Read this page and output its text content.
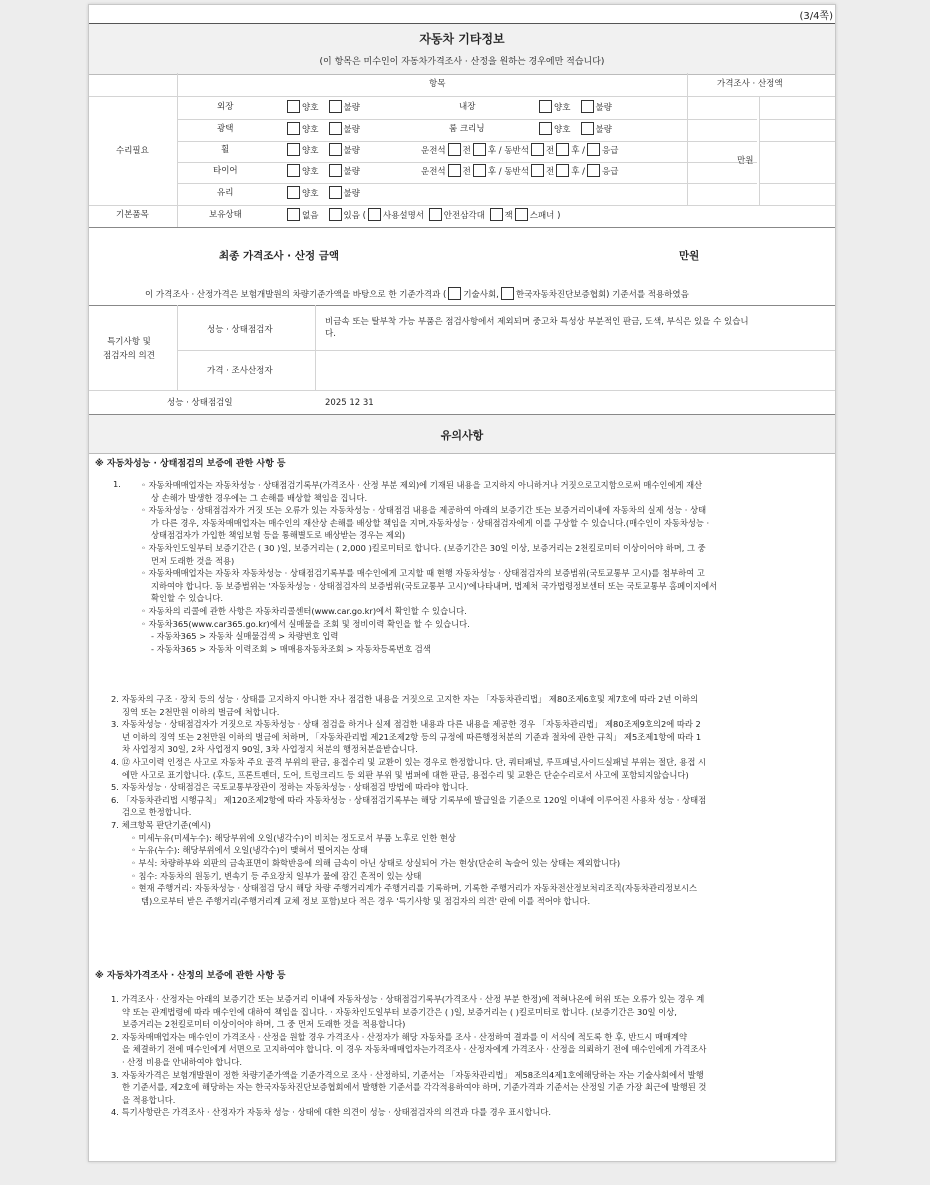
(3/4쪽)
자동차 기타정보
(이 항목은 미수인이 자동차가격조사 · 산정을 원하는 경우에만 적습니다)
항목	가격조사 · 산정액
수리필요
기본품목
외장	양호	불량	내장	양호	불량
광택	양호	불량	룸 크리닝	양호	불량
휠	양호	불량	운전석 전 후 / 동반석 전 후 / 응급
타이어	양호	불량	운전석 전 후 / 동반석 전 후 / 응급
유리	양호	불량
만원
보유상태	없음	있음 ( 사용설명서 안전삼각대 잭 스패너 )
최종 가격조사 · 산정 금액	만원
이 가격조사 · 산정가격은 보험개발원의 차량기준가액을 바탕으로 한 기준가격과 ( 기술사회, 한국자동차진단보증협회) 기준서를 적용하였음
특기사항 및
점검자의 의견
성능 · 상태점검자
비금속 또는 탈부착 가능 부품은 점검사항에서 제외되며 중고차 특성상 부분적인 판금, 도색, 부식은 있을 수 있습니
다.
가격 · 조사산정자
성능 · 상태점검일	2025 12 31
유의사항
※ 자동차성능 · 상태점검의 보증에 관한 사항 등
1. ◦ 자동차매매업자는 자동차성능 · 상태점검기록부(가격조사 · 산정 부분 제외)에 기재된 내용을 고지하지 아니하거나 거짓으로고지함으로써 매수인에게 재산
상 손해가 발생한 경우에는 그 손해를 배상할 책임을 집니다.
◦ 자동차성능 · 상태점검자가 거짓 또는 오류가 있는 자동차성능 · 상태점검 내용을 제공하여 아래의 보증기간 또는 보증거리이내에 자동차의 실제 성능 · 상태
가 다른 경우, 자동차매매업자는 매수인의 재산상 손해를 배상할 책임을 지며,자동차성능 · 상태점검자에게 이를 구상할 수 있습니다.(매수인이 자동차성능 ·
상태점검자가 가입한 책임보험 등을 통해별도로 배상받는 경우는 제외)
◦ 자동차인도일부터 보증기간은 ( 30 )일, 보증거리는 ( 2,000 )킬로미터로 합니다. (보증기간은 30일 이상, 보증거리는 2천킬로미터 이상이어야 하며, 그 중
먼저 도래한 것을 적용)
◦ 자동차매매업자는 자동차 자동차성능 · 상태점검기록부를 매수인에게 고지할 때 현행 자동차성능 · 상태점검자의 보증범위(국토교통부 고시)를 첨부하여 고
지하여야 합니다. 동 보증범위는 '자동차성능 · 상태점검자의 보증범위(국토교통부 고시)'에나타내며, 법제처 국가법령정보센터 또는 국토교통부 홈페이지에서
확인할 수 있습니다.
◦ 자동차의 리콜에 관한 사항은 자동차리콜센터(www.car.go.kr)에서 확인할 수 있습니다.
◦ 자동차365(www.car365.go.kr)에서 실매물을 조회 및 정비이력 확인을 할 수 있습니다.
- 자동차365 > 자동차 실매물검색 > 차량번호 입력
- 자동차365 > 자동차 이력조회 > 매매용자동차조회 > 자동차등록번호 검색
2. 자동차의 구조 · 장치 등의 성능 · 상태를 고지하지 아니한 자나 점검한 내용을 거짓으로 고지한 자는 「자동차관리법」 제80조제6호및 제7호에 따라 2년 이하의
징역 또는 2천만원 이하의 벌금에 처합니다.
3. 자동차성능 · 상태점검자가 거짓으로 자동차성능 · 상태 점검을 하거나 실제 점검한 내용과 다른 내용을 제공한 경우 「자동차관리법」 제80조제9호의2에 따라 2
년 이하의 징역 또는 2천만원 이하의 벌금에 처하며, 「자동차관리법 제21조제2항 등의 규정에 따른행정처분의 기준과 절차에 관한 규칙」 제5조제1항에 따라 1
차 사업정지 30일, 2차 사업정지 90일, 3차 사업정지 처분의 행정처분을받습니다.
4. ⑫ 사고이력 인정은 사고로 자동차 주요 골격 부위의 판금, 용접수리 및 교환이 있는 경우로 한정합니다. 단, 쿼터패널, 루프패널,사이드실패널 부위는 절단, 용접 시
에만 사고로 표기합니다. (후드, 프론트펜더, 도어, 트렁크리드 등 외판 부위 및 범퍼에 대한 판금, 용접수리 및 교환은 단순수리로서 사고에 포함되지않습니다)
5. 자동차성능 · 상태점검은 국토교통부장관이 정하는 자동차성능 · 상태점검 방법에 따라야 합니다.
6. 「자동차관리법 시행규칙」 제120조제2항에 따라 자동차성능 · 상태점검기록부는 해당 기록부에 발급일을 기준으로 120일 이내에 이루어진 사용차 성능 · 상태점
검으로 한정합니다.
7. 체크항목 판단기준(예시)
◦ 미세누유(미세누수): 해당부위에 오일(냉각수)이 비치는 정도로서 부품 노후로 인한 현상
◦ 누유(누수): 해당부위에서 오일(냉각수)이 맺혀서 떨어지는 상태
◦ 부식: 차량하부와 외판의 금속표면이 화학반응에 의해 금속이 아닌 상태로 상실되어 가는 현상(단순히 녹슬어 있는 상태는 제외합니다)
◦ 침수: 자동차의 원동기, 변속기 등 주요장치 일부가 물에 잠긴 흔적이 있는 상태
◦ 현재 주행거리: 자동차성능 · 상태점검 당시 해당 차량 주행거리계가 주행거리를 기록하며, 기록한 주행거리가 자동차전산정보처리조직(자동차관리정보시스
템)으로부터 받은 주행거리(주행거리계 교체 정보 포함)보다 적은 경우 '특기사항 및 점검자의 의견' 란에 이를 적어야 합니다.
※ 자동차가격조사 · 산정의 보증에 관한 사항 등
1. 가격조사 · 산정자는 아래의 보증기간 또는 보증거리 이내에 자동차성능 · 상태점검기록부(가격조사 · 산정 부분 한정)에 적혀나온에 허위 또는 오류가 있는 경우 계
약 또는 관계법령에 따라 매수인에 대하여 책임을 집니다. · 자동차인도일부터 보증기간은 ( )일, 보증거리는 ( )킬로미터로 합니다. (보증기간은 30일 이상,
보증거리는 2천킬로미터 이상이어야 하며, 그 중 먼저 도래한 것을 적용합니다)
2. 자동차매매업자는 매수인이 가격조사 · 산정을 원할 경우 가격조사 · 산정자가 해당 자동차를 조사 · 산정하여 결과를 이 서식에 적도록 한 후, 반드시 매매계약
을 체결하기 전에 매수인에게 서면으로 고지하여야 합니다. 이 경우 자동차매매업자는가격조사 · 산정자에게 가격조사 · 산정을 의뢰하기 전에 매수인에게 가격조사
· 산정 비용을 안내하여야 합니다.
3. 자동차가격은 보험개발원이 정한 차량기준가액을 기준가격으로 조사 · 산정하되, 기준서는 「자동차관리법」 제58조의4제1호에해당하는 자는 기술사회에서 발행
한 기준서를, 제2호에 해당하는 자는 한국자동차진단보증협회에서 발행한 기준서를 각각적용하여야 하며, 기준가격과 기준서는 산정일 기준 가장 최근에 발행된 것
을 적용합니다.
4. 특기사항란은 가격조사 · 산정자가 자동차 성능 · 상태에 대한 의견이 성능 · 상태점검자의 의견과 다를 경우 표시합니다.
